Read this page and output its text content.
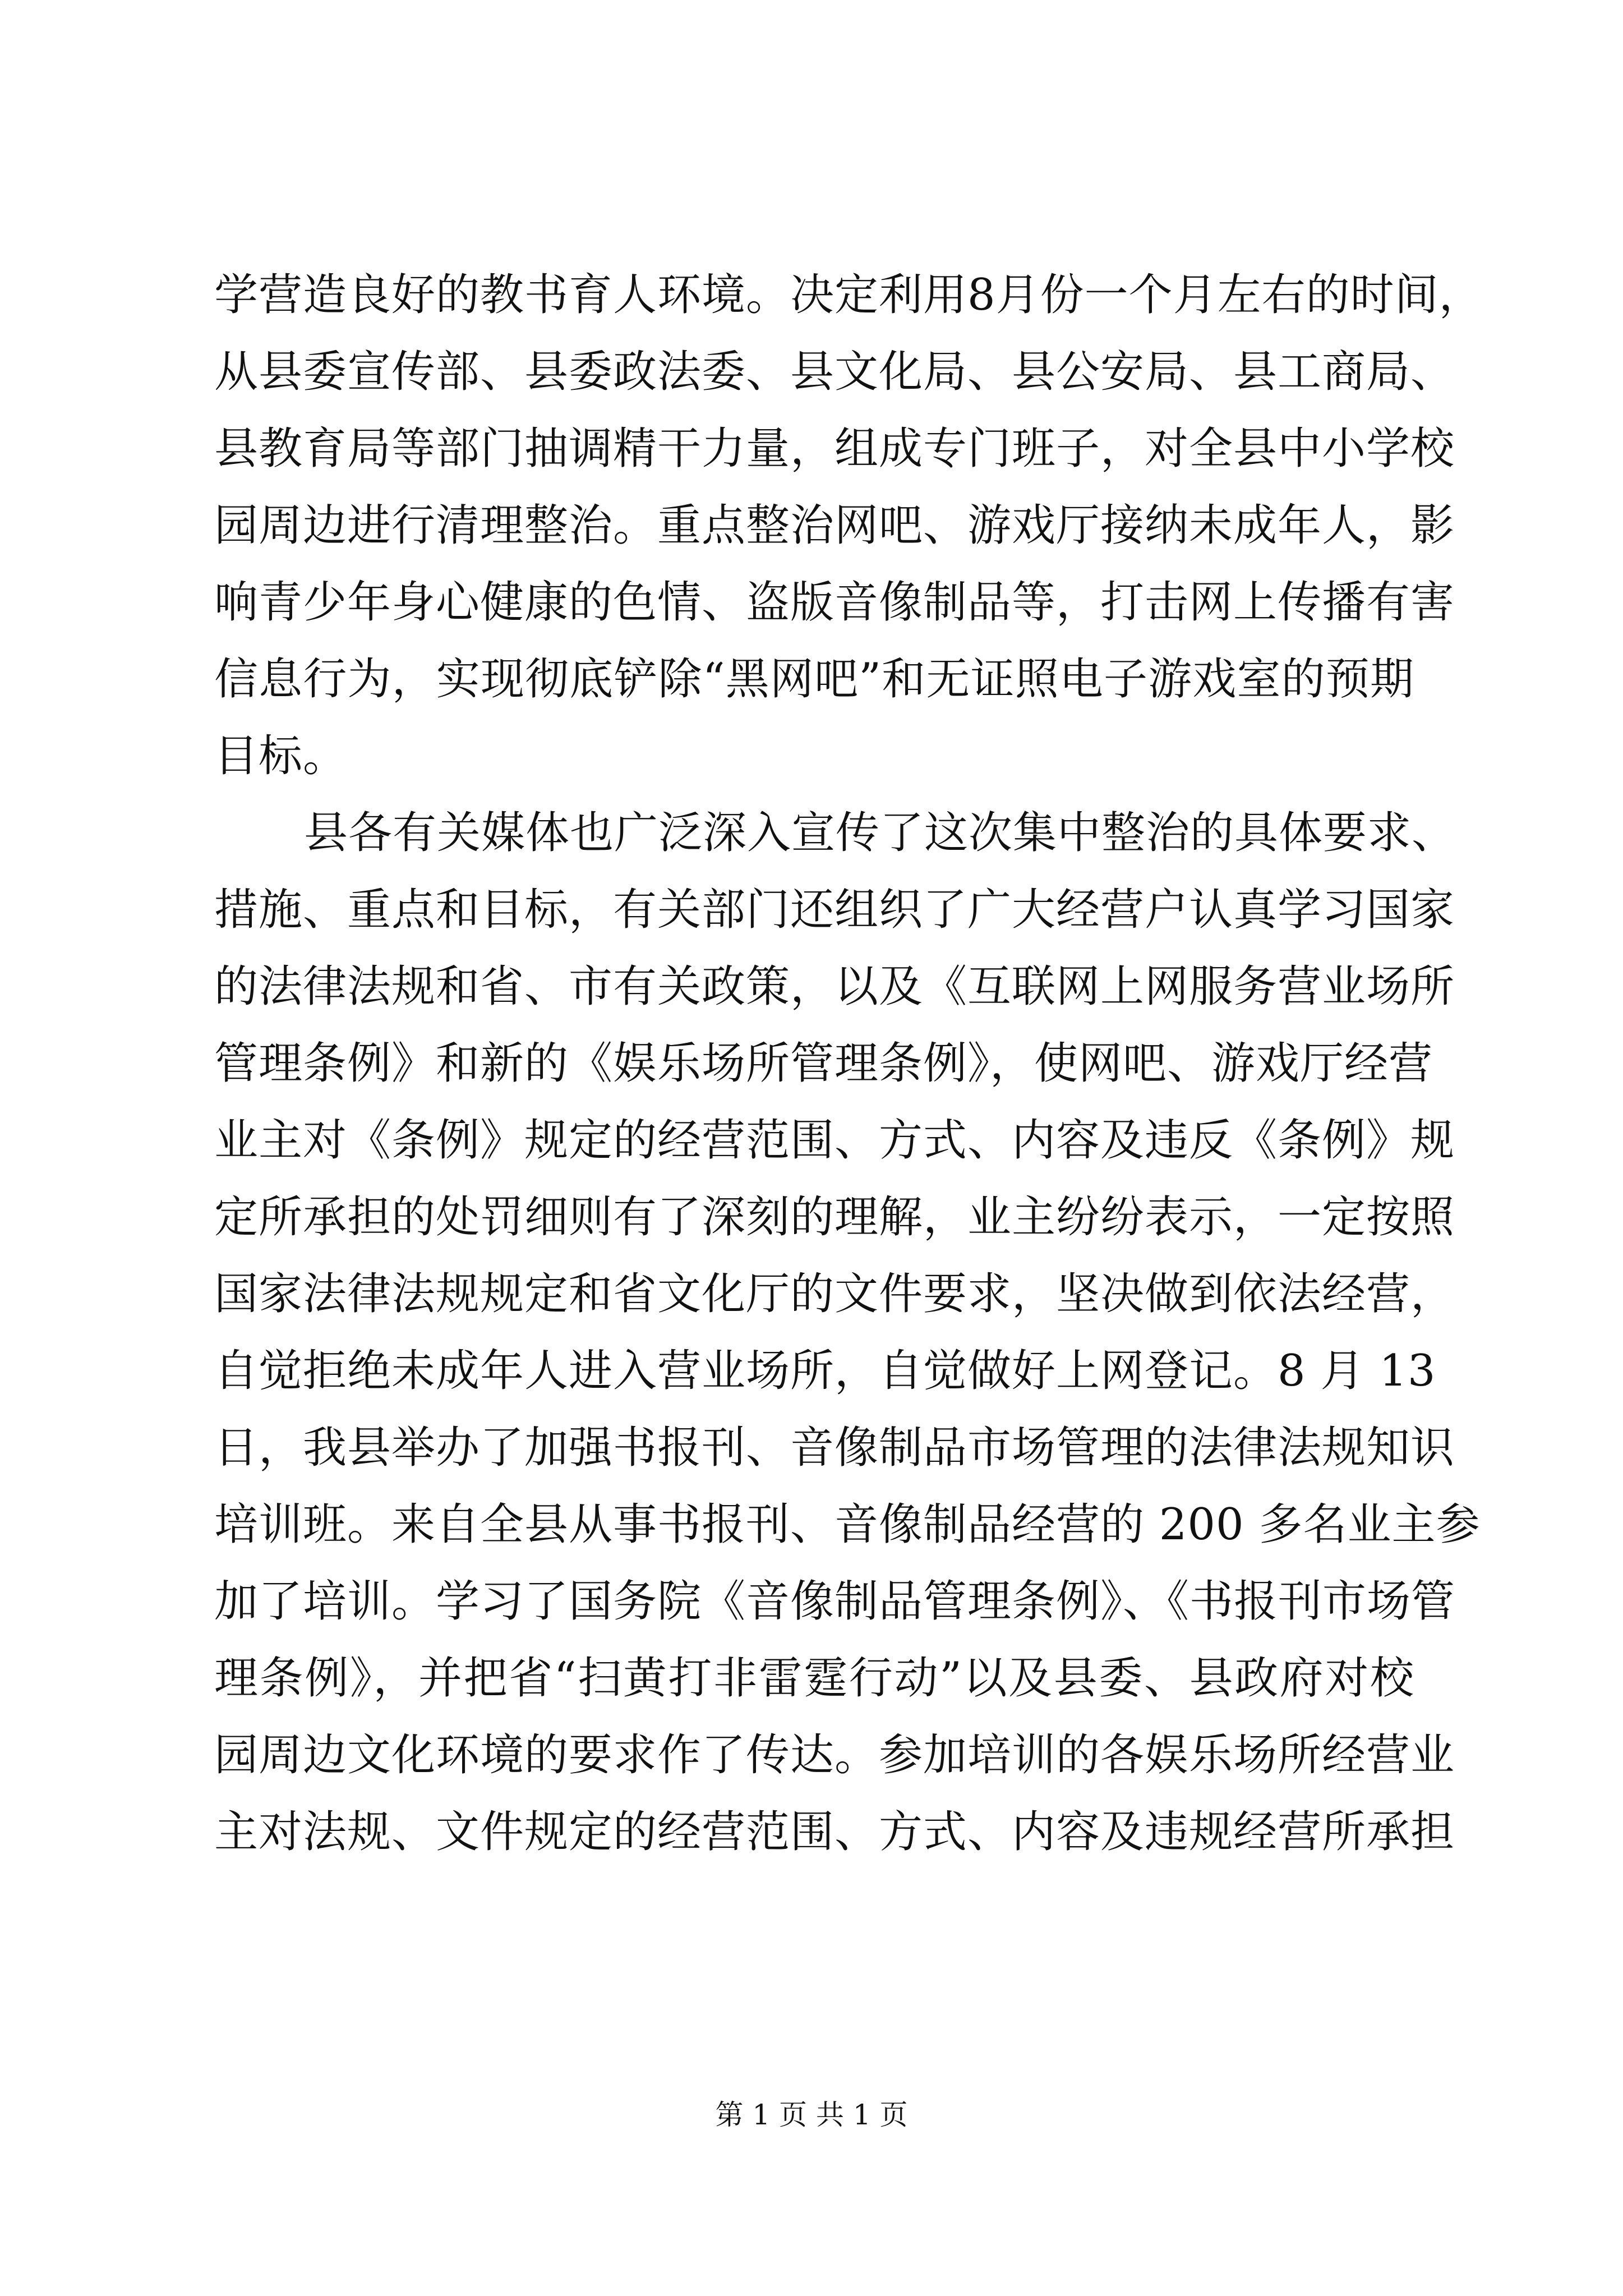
学营造良好的教书育人环境。决定利用8月份一个月左右的时间，
从县委宣传部、县委政法委、县文化局、县公安局、县工商局、
县教育局等部门抽调精干力量，组成专门班子，对全县中小学校
园周边进行清理整治。重点整治网吧、游戏厅接纳未成年人，影
响青少年身心健康的色情、盗版音像制品等，打击网上传播有害
信息行为，实现彻底铲除“黑网吧”和无证照电子游戏室的预期
目标。
县各有关媒体也广泛深入宣传了这次集中整治的具体要求、
措施、重点和目标，有关部门还组织了广大经营户认真学习国家
的法律法规和省、市有关政策，以及《互联网上网服务营业场所
管理条例》和新的《娱乐场所管理条例》，使网吧、游戏厅经营
业主对《条例》规定的经营范围、方式、内容及违反《条例》规
定所承担的处罚细则有了深刻的理解，业主纷纷表示，一定按照
国家法律法规规定和省文化厅的文件要求，坚决做到依法经营，
自觉拒绝未成年人进入营业场所，自觉做好上网登记。8 月 13
日，我县举办了加强书报刊、音像制品市场管理的法律法规知识
培训班。来自全县从事书报刊、音像制品经营的 200 多名业主参
加了培训。学习了国务院《音像制品管理条例》、《书报刊市场管
理条例》，并把省“扫黄打非雷霆行动”以及县委、县政府对校
园周边文化环境的要求作了传达。参加培训的各娱乐场所经营业
主对法规、文件规定的经营范围、方式、内容及违规经营所承担
第 1 页 共 1 页
